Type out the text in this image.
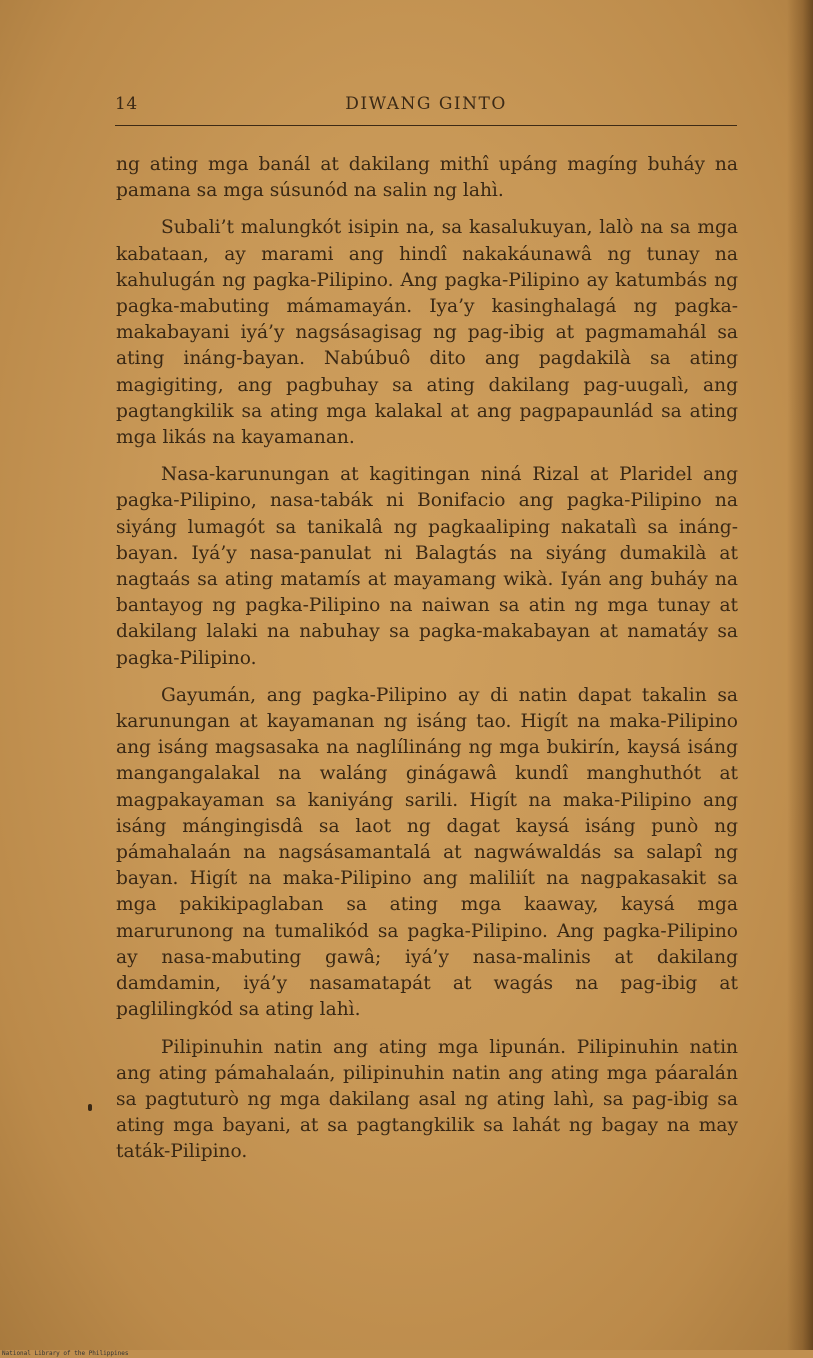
14	DIWANG GINTO

ng ating mga banál at dakilang mithî upáng magíng buháy na pamana sa mga súsunód na salin ng lahì.

Subali’t malungkót isipin na, sa kasalukuyan, lalò na sa mga kabataan, ay marami ang hindî nakakáunawâ ng tunay na kahulugán ng pagka-Pilipino. Ang pagka-Pilipino ay katumbás ng pagka-mabuting mámamayán. Iya’y kasinghalagá ng pagka-makabayani iyá’y nagsásagisag ng pag-ibig at pagmamahál sa ating ináng-bayan. Nabúbuô dito ang pagdakilà sa ating magigiting, ang pagbuhay sa ating dakilang pag-uugalì, ang pagtangkilik sa ating mga kalakal at ang pagpapaunlád sa ating mga likás na kayamanan.

Nasa-karunungan at kagitingan niná Rizal at Plaridel ang pagka-Pilipino, nasa-tabák ni Bonifacio ang pagka-Pilipino na siyáng lumagót sa tanikalâ ng pagkaaliping nakatalì sa ináng-bayan. Iyá’y nasa-panulat ni Balagtás na siyáng dumakilà at nagtaás sa ating matamís at mayamang wikà. Iyán ang buháy na bantayog ng pagka-Pilipino na naiwan sa atin ng mga tunay at dakilang lalaki na nabuhay sa pagka-makabayan at namatáy sa pagka-Pilipino.

Gayumán, ang pagka-Pilipino ay di natin dapat takalin sa karunungan at kayamanan ng isáng tao. Higít na maka-Pilipino ang isáng magsasaka na naglílináng ng mga bukirín, kaysá isáng mangangalakal na waláng ginágawâ kundî manghuthót at magpakayaman sa kaniyáng sarili. Higít na maka-Pilipino ang isáng mángingisdâ sa laot ng dagat kaysá isáng punò ng pámahalaán na nagsásamantalá at nagwáwaldás sa salapî ng bayan. Higít na maka-Pilipino ang maliliít na nagpakasakit sa mga pakikipaglaban sa ating mga kaaway, kaysá mga marurunong na tumalikód sa pagka-Pilipino. Ang pagka-Pilipino ay nasa-mabuting gawâ; iyá’y nasa-malinis at dakilang damdamin, iyá’y nasamatapát at wagás na pag-ibig at paglilingkód sa ating lahì.

Pilipinuhin natin ang ating mga lipunán. Pilipinuhin natin ang ating pámahalaán, pilipinuhin natin ang ating mga páaralán sa pagtuturò ng mga dakilang asal ng ating lahì, sa pag-ibig sa ating mga bayani, at sa pagtangkilik sa lahát ng bagay na may taták-Pilipino.

National Library of the Philippines
